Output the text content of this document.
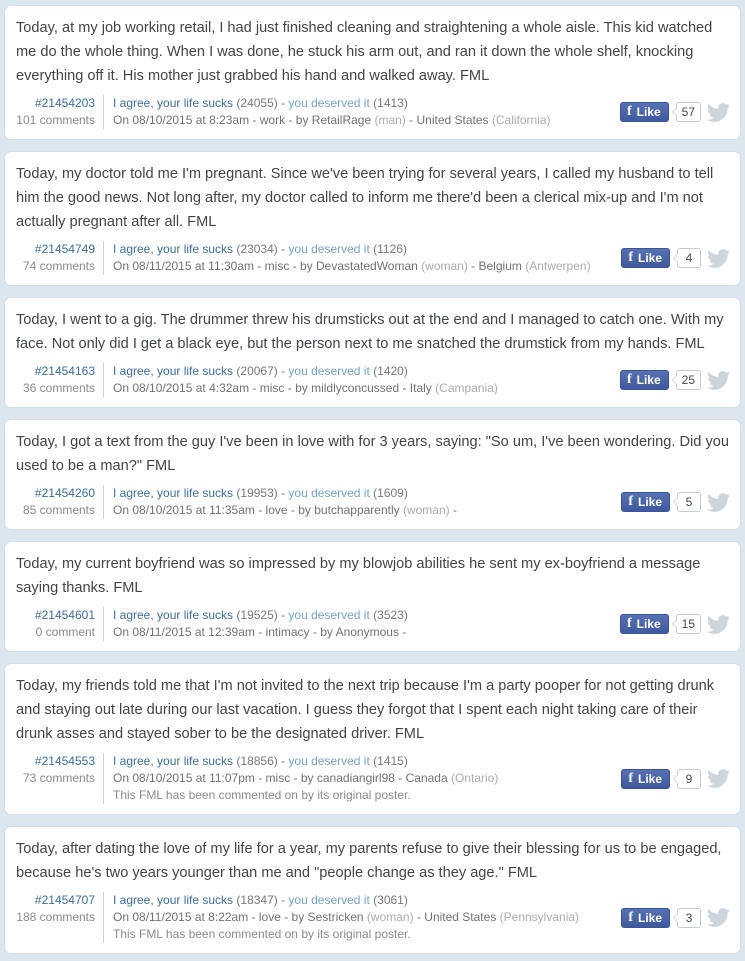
Today, at my job working retail, I had just finished cleaning and straightening a whole aisle. This kid watched me do the whole thing. When I was done, he stuck his arm out, and ran it down the whole shelf, knocking everything off it. His mother just grabbed his hand and walked away. FML

#21454203
101 comments
I agree, your life sucks (24055) - you deserved it (1413)
On 08/10/2015 at 8:23am - work - by RetailRage (man) - United States (California)
f Like 57

Today, my doctor told me I'm pregnant. Since we've been trying for several years, I called my husband to tell him the good news. Not long after, my doctor called to inform me there'd been a clerical mix-up and I'm not actually pregnant after all. FML

#21454749
74 comments
I agree, your life sucks (23034) - you deserved it (1126)
On 08/11/2015 at 11:30am - misc - by DevastatedWoman (woman) - Belgium (Antwerpen)
f Like 4

Today, I went to a gig. The drummer threw his drumsticks out at the end and I managed to catch one. With my face. Not only did I get a black eye, but the person next to me snatched the drumstick from my hands. FML

#21454163
36 comments
I agree, your life sucks (20067) - you deserved it (1420)
On 08/10/2015 at 4:32am - misc - by mildlyconcussed - Italy (Campania)
f Like 25

Today, I got a text from the guy I've been in love with for 3 years, saying: "So um, I've been wondering. Did you used to be a man?" FML

#21454260
85 comments
I agree, your life sucks (19953) - you deserved it (1609)
On 08/10/2015 at 11:35am - love - by butchapparently (woman) -
f Like 5

Today, my current boyfriend was so impressed by my blowjob abilities he sent my ex-boyfriend a message saying thanks. FML

#21454601
0 comment
I agree, your life sucks (19525) - you deserved it (3523)
On 08/11/2015 at 12:39am - intimacy - by Anonymous -
f Like 15

Today, my friends told me that I'm not invited to the next trip because I'm a party pooper for not getting drunk and staying out late during our last vacation. I guess they forgot that I spent each night taking care of their drunk asses and stayed sober to be the designated driver. FML

#21454553
73 comments
I agree, your life sucks (18856) - you deserved it (1415)
On 08/10/2015 at 11:07pm - misc - by canadiangirl98 - Canada (Ontario)
This FML has been commented on by its original poster.
f Like 9

Today, after dating the love of my life for a year, my parents refuse to give their blessing for us to be engaged, because he's two years younger than me and "people change as they age." FML

#21454707
188 comments
I agree, your life sucks (18347) - you deserved it (3061)
On 08/11/2015 at 8:22am - love - by Sestricken (woman) - United States (Pennsylvania)
This FML has been commented on by its original poster.
f Like 3
